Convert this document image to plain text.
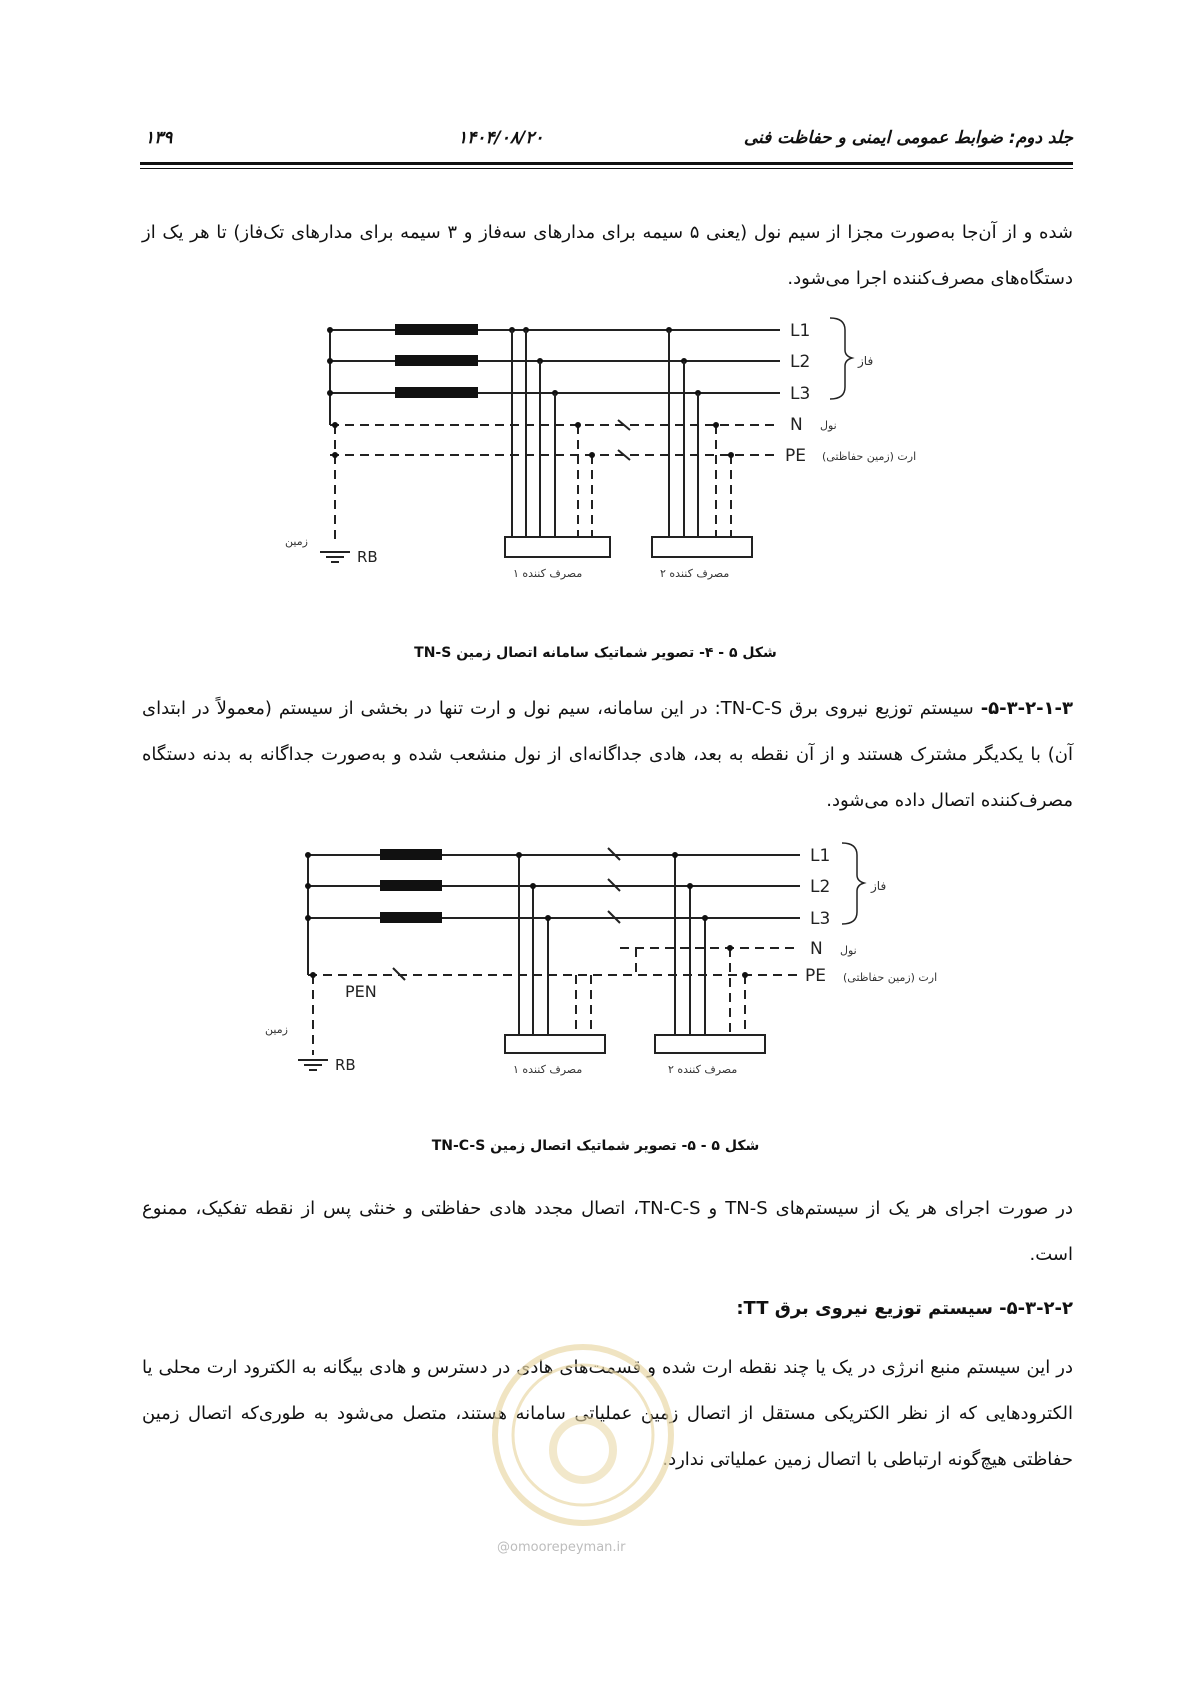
جلد دوم: ضوابط عمومی ایمنی و حفاظت فنی
۱۴۰۴/۰۸/۲۰
۱۳۹
شده و از آن‌جا به‌صورت مجزا از سیم نول (یعنی ۵ سیمه برای مدارهای سه‌فاز و ۳ سیمه برای مدارهای تک‌فاز) تا هر یک از دستگاه‌های مصرف‌کننده اجرا می‌شود.
L1
L2
L3
N
PE
فاز
نول
ارت (زمین حفاظتی)
زمین
RB
مصرف کننده ۱	مصرف کننده ۲
شکل ۵ - ۴- تصویر شماتیک سامانه اتصال زمین TN-S
۵-۳-۲-۱-۳- سیستم توزیع نیروی برق TN-C-S: در این سامانه، سیم نول و ارت تنها در بخشی از سیستم (معمولاً در ابتدای آن) با یکدیگر مشترک هستند و از آن نقطه به بعد، هادی جداگانه‌ای از نول منشعب شده و به‌صورت جداگانه به بدنه دستگاه مصرف‌کننده اتصال داده می‌شود.
L1
L2
L3
N
PE
PEN
فاز
نول
ارت (زمین حفاظتی)
زمین
RB	مصرف کننده ۱	مصرف کننده ۲
شکل ۵ - ۵- تصویر شماتیک اتصال زمین TN-C-S
در صورت اجرای هر یک از سیستم‌های TN-S و TN-C-S، اتصال مجدد هادی حفاظتی و خنثی پس از نقطه تفکیک، ممنوع است.
۵-۳-۲-۲- سیستم توزیع نیروی برق TT:
در این سیستم منبع انرژی در یک یا چند نقطه ارت شده و قسمت‌های هادی در دسترس و هادی بیگانه به الکترود ارت محلی یا الکترودهایی که از نظر الکتریکی مستقل از اتصال زمین عملیاتی سامانه هستند، متصل می‌شود به طوری‌که اتصال زمین حفاظتی هیچ‌گونه ارتباطی با اتصال زمین عملیاتی ندارد.
@omoorepeyman.ir
